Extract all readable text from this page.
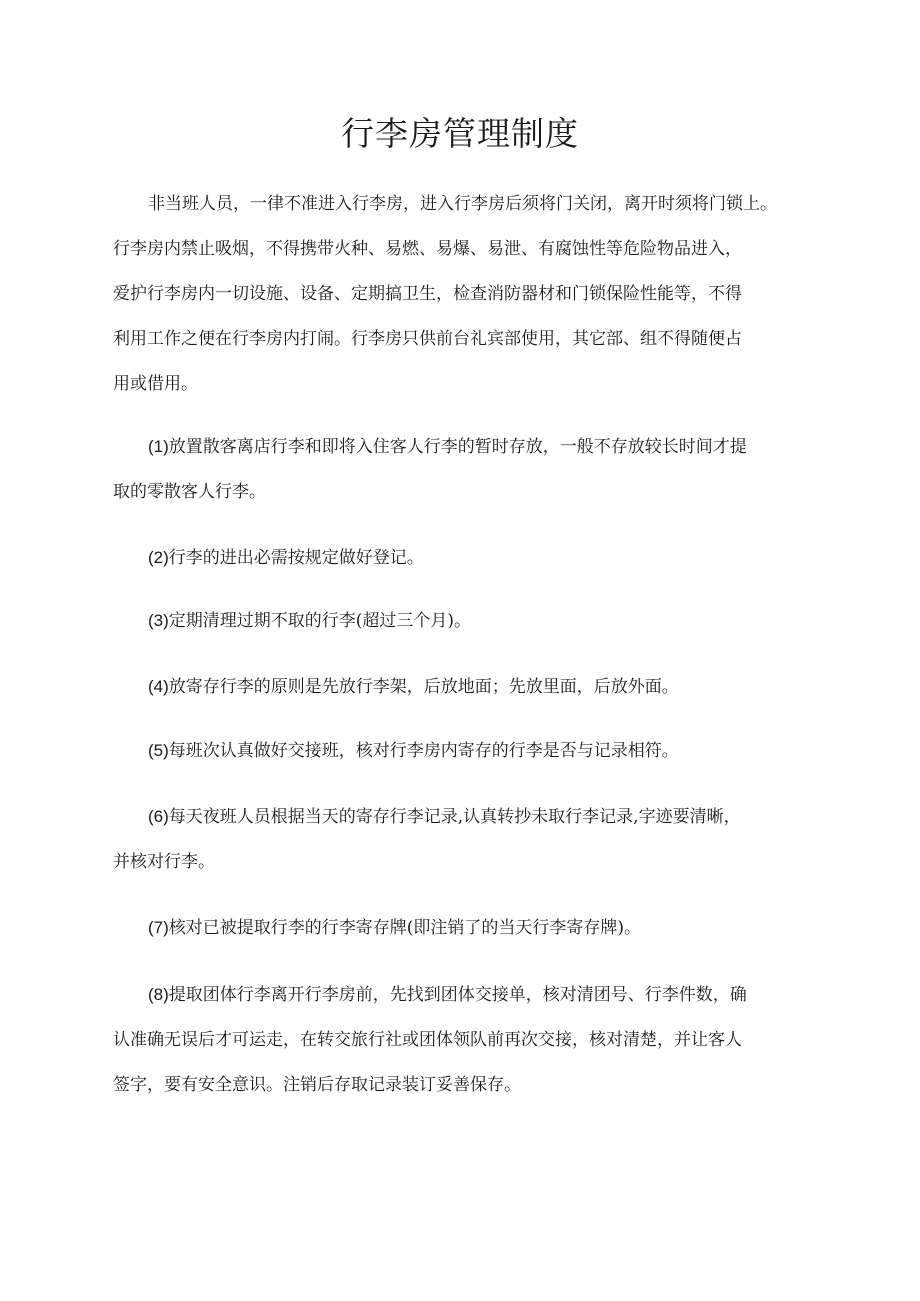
行李房管理制度
非当班人员，一律不准进入行李房，进入行李房后须将门关闭，离开时须将门锁上。
行李房内禁止吸烟，不得携带火种、易燃、易爆、易泄、有腐蚀性等危险物品进入，
爱护行李房内一切设施、设备、定期搞卫生，检查消防器材和门锁保险性能等，不得
利用工作之便在行李房内打闹。行李房只供前台礼宾部使用，其它部、组不得随便占
用或借用。
(1)放置散客离店行李和即将入住客人行李的暂时存放，一般不存放较长时间才提
取的零散客人行李。
(2)行李的进出必需按规定做好登记。
(3)定期清理过期不取的行李(超过三个月)。
(4)放寄存行李的原则是先放行李架，后放地面；先放里面，后放外面。
(5)每班次认真做好交接班，核对行李房内寄存的行李是否与记录相符。
(6)每天夜班人员根据当天的寄存行李记录,认真转抄未取行李记录,字迹要清晰，
并核对行李。
(7)核对已被提取行李的行李寄存牌(即注销了的当天行李寄存牌)。
(8)提取团体行李离开行李房前，先找到团体交接单，核对清团号、行李件数，确
认准确无误后才可运走，在转交旅行社或团体领队前再次交接，核对清楚，并让客人
签字，要有安全意识。注销后存取记录装订妥善保存。
